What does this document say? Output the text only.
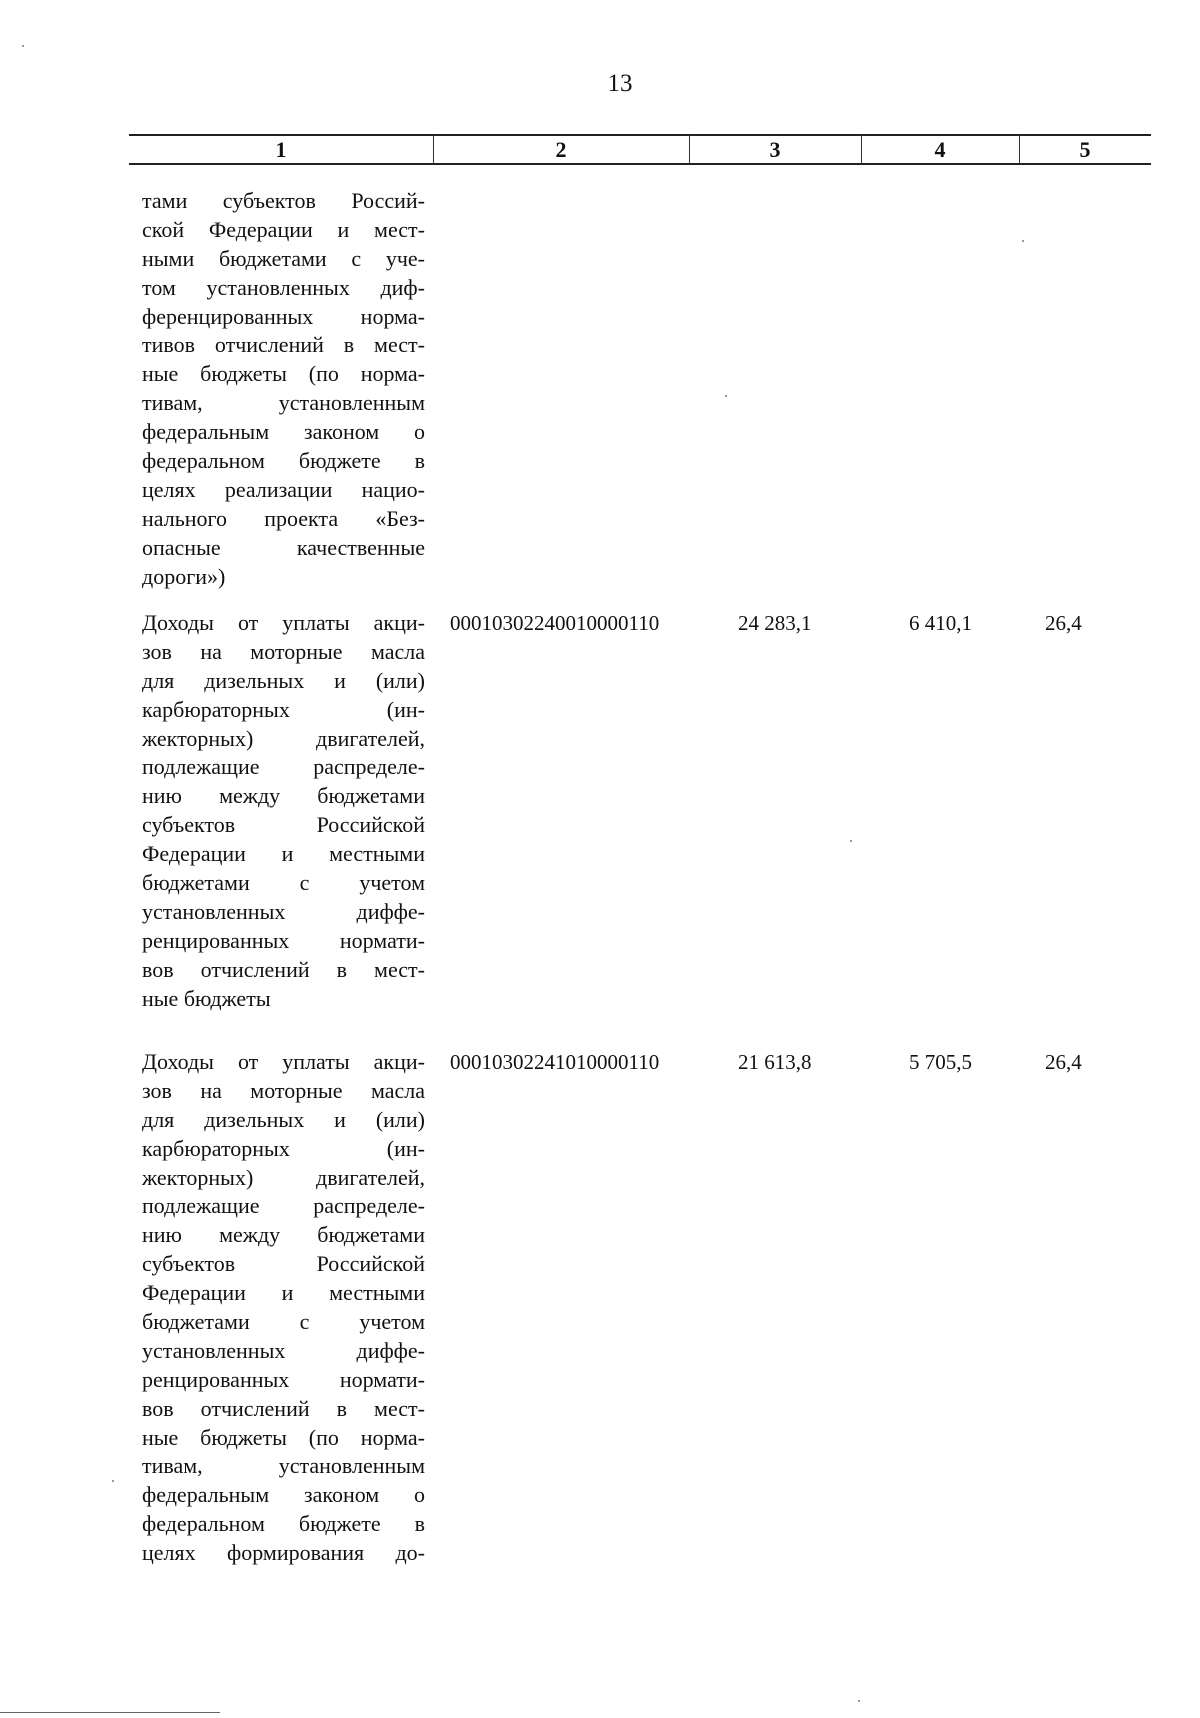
13
1	2	3	4	5
тами субъектов Россий-
ской Федерации и мест-
ными бюджетами с уче-
том установленных диф-
ференцированных норма-
тивов отчислений в мест-
ные бюджеты (по норма-
тивам, установленным
федеральным законом о
федеральном бюджете в
целях реализации нацио-
нального проекта «Без-
опасные качественные
дороги»)
Доходы от уплаты акци-
зов на моторные масла
для дизельных и (или)
карбюраторных (ин-
жекторных) двигателей,
подлежащие распределе-
нию между бюджетами
субъектов Российской
Федерации и местными
бюджетами с учетом
установленных диффе-
ренцированных нормати-
вов отчислений в мест-
ные бюджеты
00010302240010000110	24 283,1	6 410,1	26,4
Доходы от уплаты акци-
зов на моторные масла
для дизельных и (или)
карбюраторных (ин-
жекторных) двигателей,
подлежащие распределе-
нию между бюджетами
субъектов Российской
Федерации и местными
бюджетами с учетом
установленных диффе-
ренцированных нормати-
вов отчислений в мест-
ные бюджеты (по норма-
тивам, установленным
федеральным законом о
федеральном бюджете в
целях формирования до-
00010302241010000110	21 613,8	5 705,5	26,4
